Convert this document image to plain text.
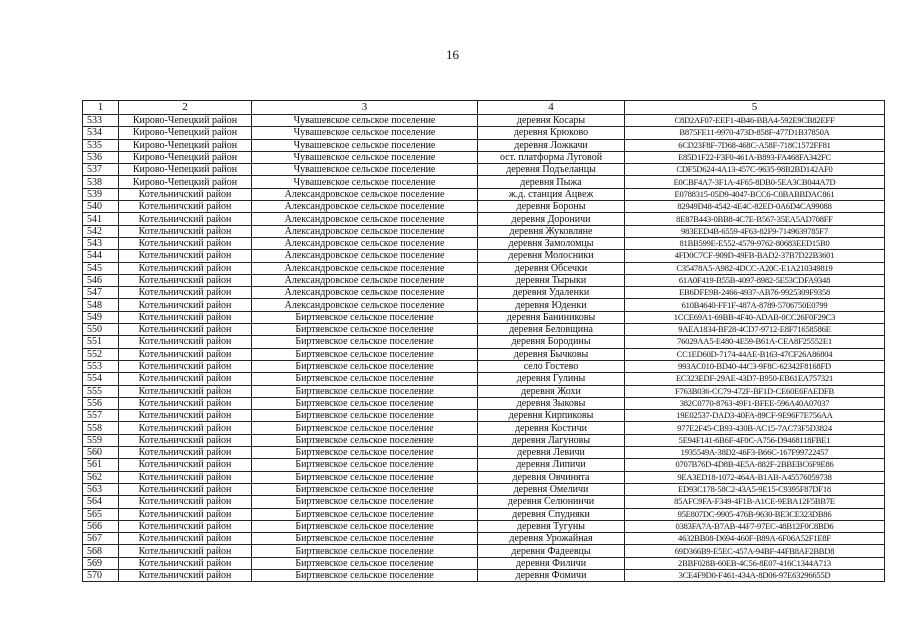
16
1	2	3	4	5
533	Кирово-Чепецкий район	Чувашевское сельское поселение	деревня Косары	C8D2AF07-EEF1-4B46-BBA4-592E9CB82EFF
534	Кирово-Чепецкий район	Чувашевское сельское поселение	деревня Крюково	B875FE11-9970-473D-858F-477D1B37850A
535	Кирово-Чепецкий район	Чувашевское сельское поселение	деревня Ложкачи	6CD23F8F-7D68-468C-A58F-718C1572FF81
536	Кирово-Чепецкий район	Чувашевское сельское поселение	ост. платформа Луговой	E85D1F22-F3F0-461A-B893-FA468FA342FC
537	Кирово-Чепецкий район	Чувашевское сельское поселение	деревня Подъеланцы	CDF5D624-4A13-457C-9635-98B2BD142AF0
538	Кирово-Чепецкий район	Чувашевское сельское поселение	деревня Пыжа	E0CBF4A7-3F1A-4F65-8DB0-5EA3CB044A7D
539	Котельничский район	Александровское сельское поселение	ж.д. станция Ацвеж	E0788315-05D9-4047-BCC6-C0BABBDAC861
540	Котельничский район	Александровское сельское поселение	деревня Бороны	82949D48-4542-4E4C-82ED-0A6D4CA99088
541	Котельничский район	Александровское сельское поселение	деревня Дороничи	8E87B443-0BB8-4C7E-B567-35EA5AD708FF
542	Котельничский район	Александровское сельское поселение	деревня Жуковляне	983EED4B-6559-4F63-82F9-7149639785F7
543	Котельничский район	Александровское сельское поселение	деревня Замоломцы	81BB599E-E552-4579-9762-80683EED15B0
544	Котельничский район	Александровское сельское поселение	деревня Молосники	4FD0C7CF-909D-49FB-BAD2-37B7D22B3601
545	Котельничский район	Александровское сельское поселение	деревня Обсечки	C35478A5-A982-4DCC-A20C-E1A210349819
546	Котельничский район	Александровское сельское поселение	деревня Тырыки	61A0F419-B55B-4097-8982-5E53CDFA9348
547	Котельничский район	Александровское сельское поселение	деревня Удаленки	EB6DFE9B-2466-4937-AB76-9925309F9358
548	Котельничский район	Александровское сельское поселение	деревня Юденки	610B4640-FF1F-487A-8789-5706750E0799
549	Котельничский район	Биртяевское сельское поселение	деревня Баниниковы	1CCE69A1-69BB-4F40-ADAB-0CC26F0F29C3
550	Котельничский район	Биртяевское сельское поселение	деревня Беловщина	9AEA1834-BF28-4CD7-9712-E8F71658586E
551	Котельничский район	Биртяевское сельское поселение	деревня Бородины	76029AA5-E480-4E59-B61A-CEA8F25552E1
552	Котельничский район	Биртяевское сельское поселение	деревня Бычковы	CC1ED60D-7174-44AE-B163-47CF26A86804
553	Котельничский район	Биртяевское сельское поселение	село Гостево	993AC010-BD40-44C3-9F8C-62342F8168FD
554	Котельничский район	Биртяевское сельское поселение	деревня Гулины	EC323EDF-29AE-43D7-B950-EB61EA757321
555	Котельничский район	Биртяевское сельское поселение	деревня Жохи	F763B036-CC79-472F-BF1D-CE60E6FAEDFB
556	Котельничский район	Биртяевское сельское поселение	деревня Зыковы	382C0770-8763-49F1-BFEE-596A40A07037
557	Котельничский район	Биртяевское сельское поселение	деревня Кирпиковы	19E02537-DAD3-40FA-89CF-9E96F7E756AA
558	Котельничский район	Биртяевское сельское поселение	деревня Костичи	977E2F45-CB93-430B-AC15-7AC73F5D3824
559	Котельничский район	Биртяевское сельское поселение	деревня Лагуновы	5E94F141-6B6F-4F0C-A756-D9468118FBE1
560	Котельничский район	Биртяевское сельское поселение	деревня Левичи	1935549A-38D2-46F3-B66C-167F99722457
561	Котельничский район	Биртяевское сельское поселение	деревня Липичи	0707B76D-4D8B-4E5A-882F-2BBEBC6F9E86
562	Котельничский район	Биртяевское сельское поселение	деревня Овчинята	9EA3ED18-1072-464A-B1AB-A45576059738
563	Котельничский район	Биртяевское сельское поселение	деревня Омеличи	ED93C178-58C2-43A5-9E15-C9395F87DF18
564	Котельничский район	Биртяевское сельское поселение	деревня Селюнинчи	85AFC9FA-F349-4F1B-A1CE-9EBA12F5BB7E
565	Котельничский район	Биртяевское сельское поселение	деревня Спудняки	95E807DC-9905-476B-9630-BE3CE323DB86
566	Котельничский район	Биртяевское сельское поселение	деревня Тугуны	0383FA7A-B7AB-44F7-97EC-48B12F0C8BD6
567	Котельничский район	Биртяевское сельское поселение	деревня Урожайная	4632BB08-D694-460F-B89A-6F06A52F1E8F
568	Котельничский район	Биртяевское сельское поселение	деревня Фадеевцы	69D366B9-E5EC-457A-94BF-44FB8AF2BBD8
569	Котельничский район	Биртяевское сельское поселение	деревня Филичи	2BBF028B-60EB-4C56-8E07-416C1344A713
570	Котельничский район	Биртяевское сельское поселение	деревня Фомичи	3CE4F9D0-F461-434A-8D06-97E63296655D
